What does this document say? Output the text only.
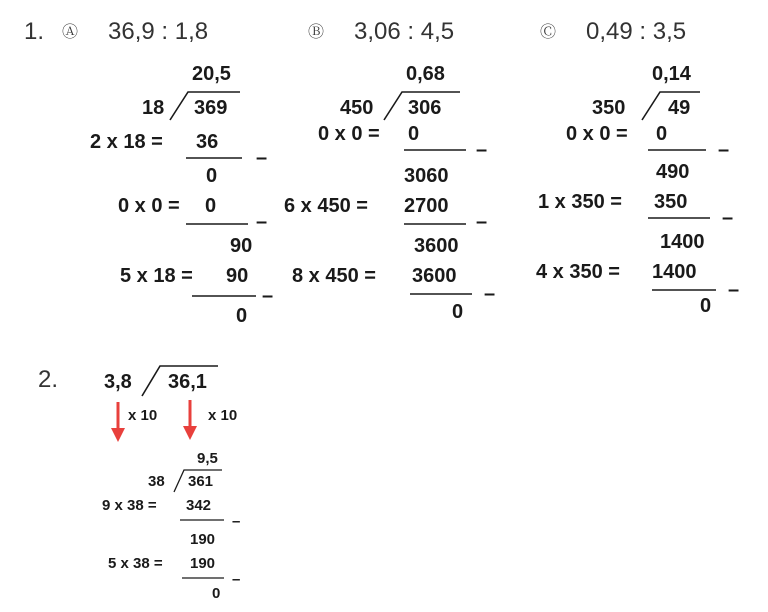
1. Ⓐ 36,9 : 1,8	Ⓑ 3,06 : 4,5	Ⓒ 0,49 : 3,5
20,5
18 369
2 x 18 = 36
–
0
0 x 0 = 0
–
90
5 x 18 = 90
–
0
0,68
450 306
0 x 0 = 0
–
3060
6 x 450 = 2700
–
3600
8 x 450 = 3600
–
0
0,14
350 49
0 x 0 = 0
–
490
1 x 350 = 350
–
1400
4 x 350 = 1400
–
0
2. 3,8 36,1
x 10	x 10
9,5
38 361
9 x 38 = 342
–
190
5 x 38 = 190
–
0
